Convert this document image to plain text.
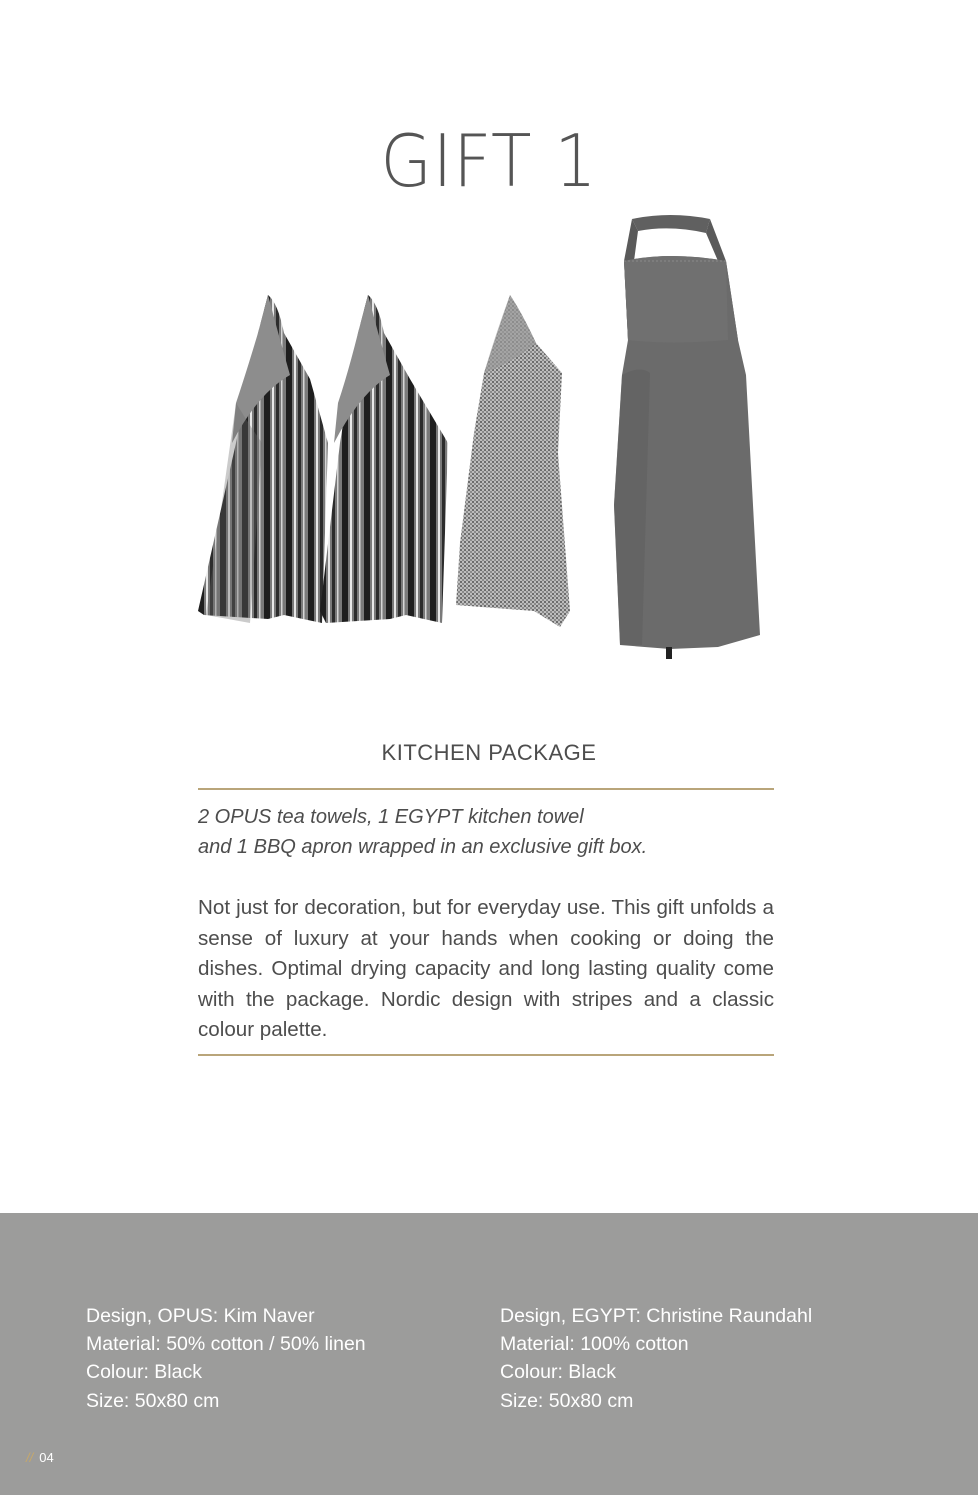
GIFT 1
KITCHEN PACKAGE
2 OPUS tea towels, 1 EGYPT kitchen towel
and 1 BBQ apron wrapped in an exclusive gift box.
Not just for decoration, but for everyday use. This gift unfolds a sense of luxury at your hands when cooking or doing the dishes. Optimal drying capacity and long lasting quality come with the package. Nordic design with stripes and a classic colour palette.
Design, OPUS: Kim Naver
Material: 50% cotton / 50% linen
Colour: Black
Size: 50x80 cm
Design, EGYPT: Christine Raundahl
Material: 100% cotton
Colour: Black
Size: 50x80 cm
// 04
